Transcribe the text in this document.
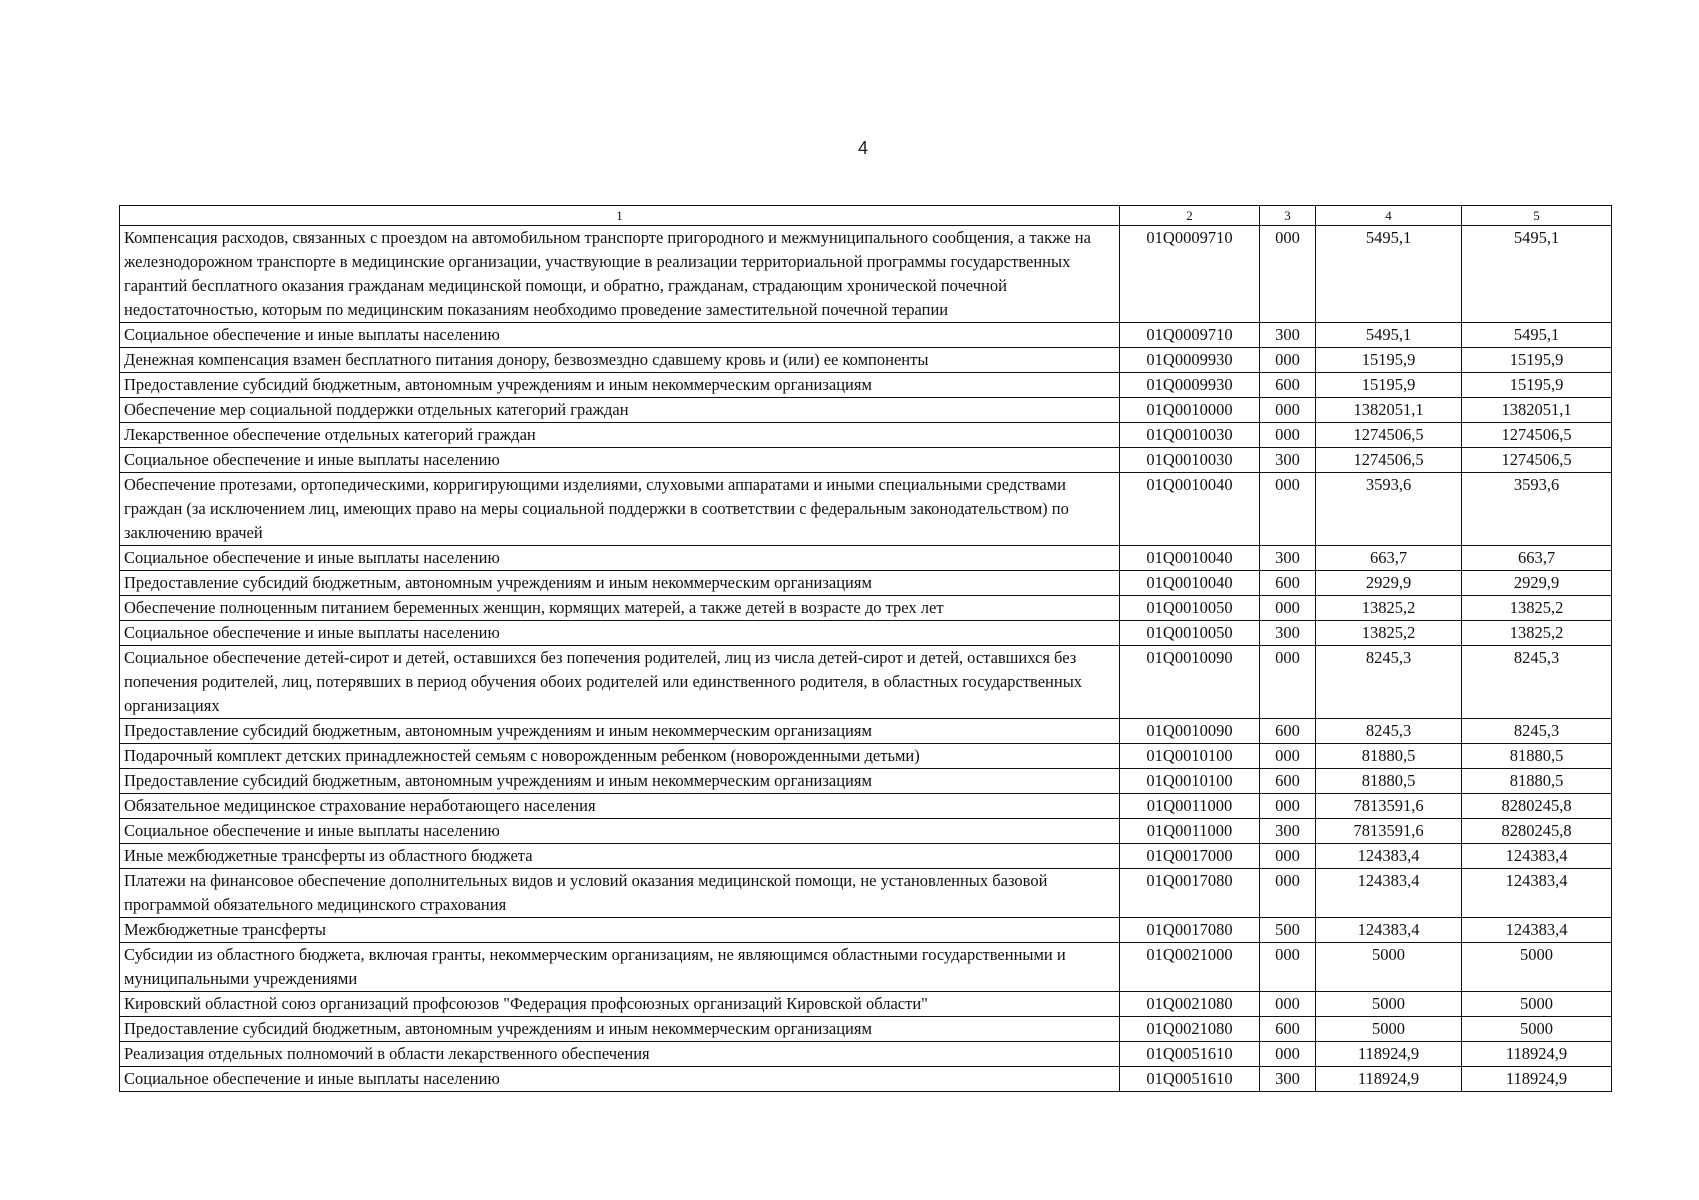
4
1	2	3	4	5
Компенсация расходов, связанных с проездом на автомобильном транспорте пригородного и межмуниципального сообщения, а также на железнодорожном транспорте в медицинские организации, участвующие в реализации территориальной программы государственных гарантий бесплатного оказания гражданам медицинской помощи, и обратно, гражданам, страдающим хронической почечной недостаточностью, которым по медицинским показаниям необходимо проведение заместительной почечной терапии	01Q0009710	000	5495,1	5495,1
Социальное обеспечение и иные выплаты населению	01Q0009710	300	5495,1	5495,1
Денежная компенсация взамен бесплатного питания донору, безвозмездно сдавшему кровь и (или) ее компоненты	01Q0009930	000	15195,9	15195,9
Предоставление субсидий бюджетным, автономным учреждениям и иным некоммерческим организациям	01Q0009930	600	15195,9	15195,9
Обеспечение мер социальной поддержки отдельных категорий граждан	01Q0010000	000	1382051,1	1382051,1
Лекарственное обеспечение отдельных категорий граждан	01Q0010030	000	1274506,5	1274506,5
Социальное обеспечение и иные выплаты населению	01Q0010030	300	1274506,5	1274506,5
Обеспечение протезами, ортопедическими, корригирующими изделиями, слуховыми аппаратами и иными специальными средствами граждан (за исключением лиц, имеющих право на меры социальной поддержки в соответствии с федеральным законодательством) по заключению врачей	01Q0010040	000	3593,6	3593,6
Социальное обеспечение и иные выплаты населению	01Q0010040	300	663,7	663,7
Предоставление субсидий бюджетным, автономным учреждениям и иным некоммерческим организациям	01Q0010040	600	2929,9	2929,9
Обеспечение полноценным питанием беременных женщин, кормящих матерей, а также детей в возрасте до трех лет	01Q0010050	000	13825,2	13825,2
Социальное обеспечение и иные выплаты населению	01Q0010050	300	13825,2	13825,2
Социальное обеспечение детей-сирот и детей, оставшихся без попечения родителей, лиц из числа детей-сирот и детей, оставшихся без попечения родителей, лиц, потерявших в период обучения обоих родителей или единственного родителя, в областных государственных организациях	01Q0010090	000	8245,3	8245,3
Предоставление субсидий бюджетным, автономным учреждениям и иным некоммерческим организациям	01Q0010090	600	8245,3	8245,3
Подарочный комплект детских принадлежностей семьям с новорожденным ребенком (новорожденными детьми)	01Q0010100	000	81880,5	81880,5
Предоставление субсидий бюджетным, автономным учреждениям и иным некоммерческим организациям	01Q0010100	600	81880,5	81880,5
Обязательное медицинское страхование неработающего населения	01Q0011000	000	7813591,6	8280245,8
Социальное обеспечение и иные выплаты населению	01Q0011000	300	7813591,6	8280245,8
Иные межбюджетные трансферты из областного бюджета	01Q0017000	000	124383,4	124383,4
Платежи на финансовое обеспечение дополнительных видов и условий оказания медицинской помощи, не установленных базовой программой обязательного медицинского страхования	01Q0017080	000	124383,4	124383,4
Межбюджетные трансферты	01Q0017080	500	124383,4	124383,4
Субсидии из областного бюджета, включая гранты, некоммерческим организациям, не являющимся областными государственными и муниципальными учреждениями	01Q0021000	000	5000	5000
Кировский областной союз организаций профсоюзов "Федерация профсоюзных организаций Кировской области"	01Q0021080	000	5000	5000
Предоставление субсидий бюджетным, автономным учреждениям и иным некоммерческим организациям	01Q0021080	600	5000	5000
Реализация отдельных полномочий в области лекарственного обеспечения	01Q0051610	000	118924,9	118924,9
Социальное обеспечение и иные выплаты населению	01Q0051610	300	118924,9	118924,9
